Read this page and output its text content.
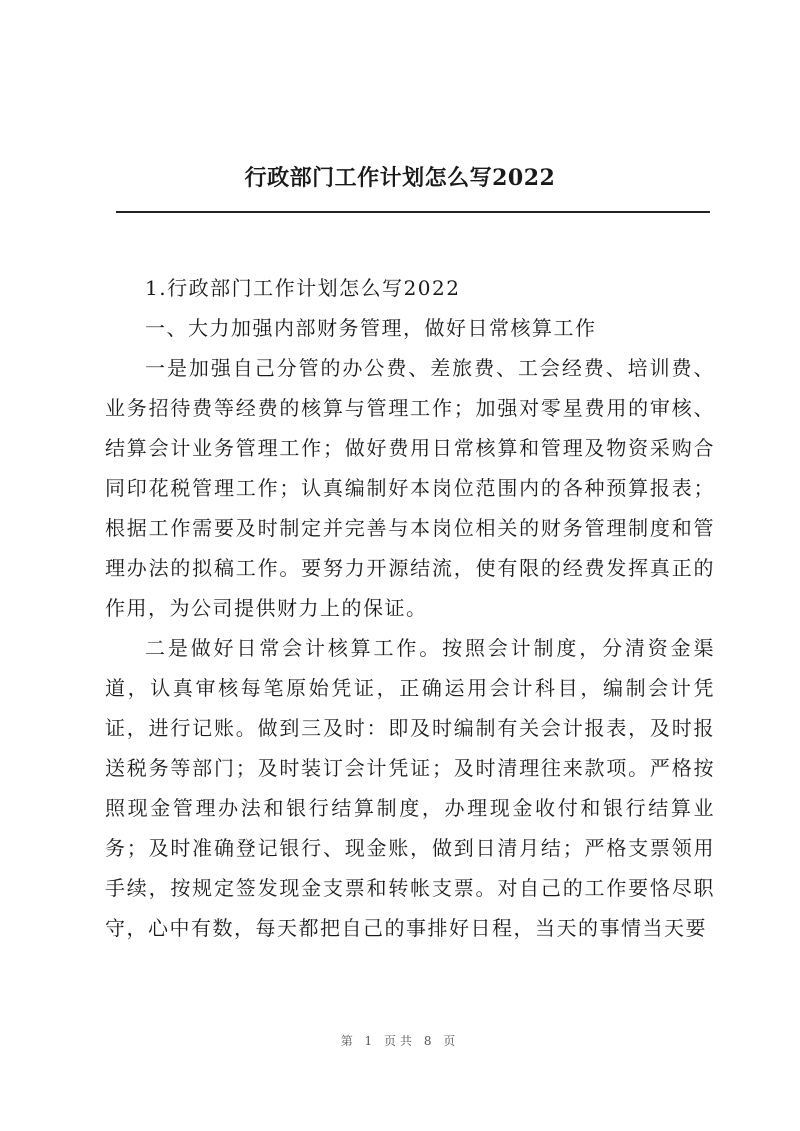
行政部门工作计划怎么写2022

1.行政部门工作计划怎么写2022

一、大力加强内部财务管理，做好日常核算工作

一是加强自己分管的办公费、差旅费、工会经费、培训费、业务招待费等经费的核算与管理工作；加强对零星费用的审核、结算会计业务管理工作；做好费用日常核算和管理及物资采购合同印花税管理工作；认真编制好本岗位范围内的各种预算报表；根据工作需要及时制定并完善与本岗位相关的财务管理制度和管理办法的拟稿工作。要努力开源结流，使有限的经费发挥真正的作用，为公司提供财力上的保证。

二是做好日常会计核算工作。按照会计制度，分清资金渠道，认真审核每笔原始凭证，正确运用会计科目，编制会计凭证，进行记账。做到三及时：即及时编制有关会计报表，及时报送税务等部门；及时装订会计凭证；及时清理往来款项。严格按照现金管理办法和银行结算制度，办理现金收付和银行结算业务；及时准确登记银行、现金账，做到日清月结；严格支票领用手续，按规定签发现金支票和转帐支票。对自己的工作要恪尽职守，心中有数，每天都把自己的事排好日程，当天的事情当天要

第 1 页共 8 页
